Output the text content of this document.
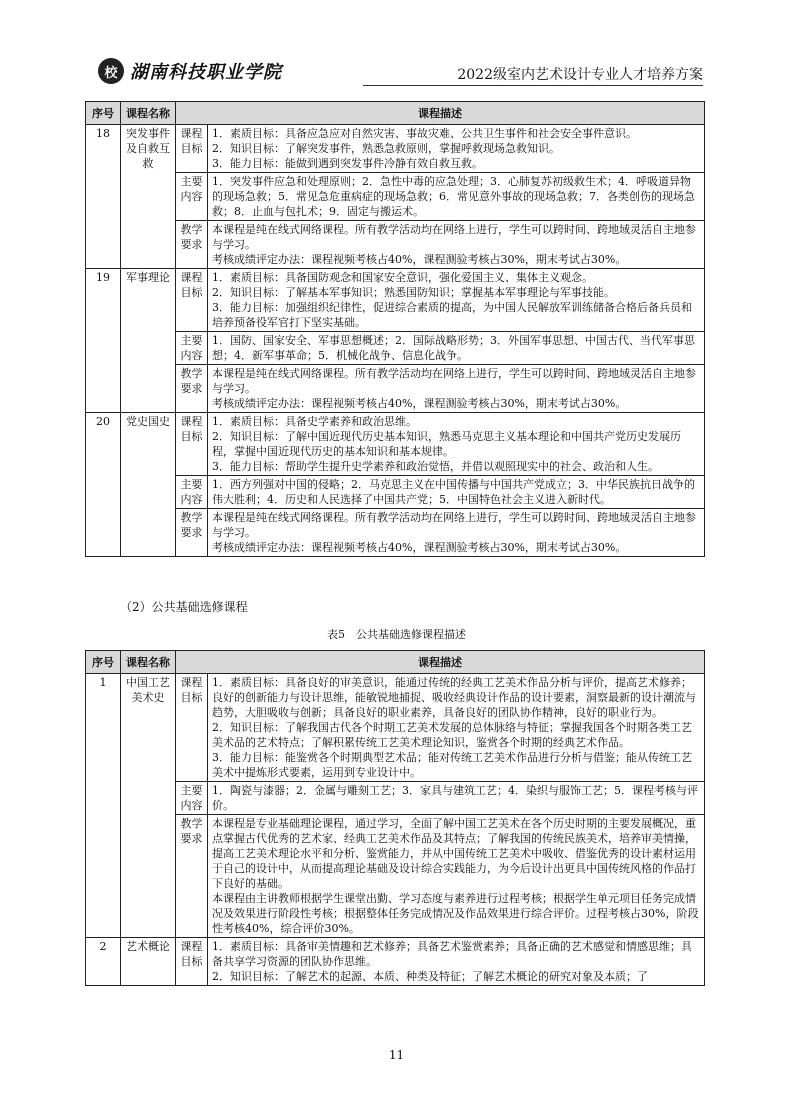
校 湖南科技职业学院	2022级室内艺术设计专业人才培养方案
序号	课程名称	课程描述	
18	突发事件及自救互救	课程目标	1．素质目标：具备应急应对自然灾害、事故灾难、公共卫生事件和社会安全事件意识。

2．知识目标：了解突发事件，熟悉急救原则，掌握呼救现场急救知识。

3．能力目标：能做到遇到突发事件冷静有效自救互救。

		主要内容	1．突发事件应急和处理原则；2．急性中毒的应急处理；3．心肺复苏初级救生术；4．呼吸道异物的现场急救；5．常见急危重病症的现场急救；6．常见意外事故的现场急救；7．各类创伤的现场急救；8．止血与包扎术；9．固定与搬运术。

		教学要求	本课程是纯在线式网络课程。所有教学活动均在网络上进行，学生可以跨时间、跨地域灵活自主地参与学习。

考核成绩评定办法：课程视频考核占40%，课程测验考核占30%，期末考试占30%。

19	军事理论	课程目标	1．素质目标：具备国防观念和国家安全意识，强化爱国主义、集体主义观念。

2．知识目标：了解基本军事知识；熟悉国防知识；掌握基本军事理论与军事技能。

3．能力目标：加强组织纪律性，促进综合素质的提高，为中国人民解放军训练储备合格后备兵员和培养预备役军官打下坚实基础。

		主要内容	1．国防、国家安全、军事思想概述；2．国际战略形势；3．外国军事思想、中国古代、当代军事思想；4．新军事革命；5．机械化战争、信息化战争。

		教学要求	本课程是纯在线式网络课程。所有教学活动均在网络上进行，学生可以跨时间、跨地域灵活自主地参与学习。

考核成绩评定办法：课程视频考核占40%，课程测验考核占30%，期末考试占30%。

20	党史国史	课程目标	1．素质目标：具备史学素养和政治思维。

2．知识目标：了解中国近现代历史基本知识，熟悉马克思主义基本理论和中国共产党历史发展历程，掌握中国近现代历史的基本知识和基本规律。

3．能力目标：帮助学生提升史学素养和政治觉悟，并借以观照现实中的社会、政治和人生。

		主要内容	1．西方列强对中国的侵略；2．马克思主义在中国传播与中国共产党成立；3．中华民族抗日战争的伟大胜利；4．历史和人民选择了中国共产党；5．中国特色社会主义进入新时代。

		教学要求	本课程是纯在线式网络课程。所有教学活动均在网络上进行，学生可以跨时间、跨地域灵活自主地参与学习。

考核成绩评定办法：课程视频考核占40%，课程测验考核占30%，期末考试占30%。

（2）公共基础选修课程
表5　公共基础选修课程描述
序号	课程名称	课程描述	
1	中国工艺美术史	课程目标	1．素质目标：具备良好的审美意识，能通过传统的经典工艺美术作品分析与评价，提高艺术修养；良好的创新能力与设计思维，能敏锐地捕捉、吸收经典设计作品的设计要素，洞察最新的设计潮流与趋势，大胆吸收与创新；具备良好的职业素养，具备良好的团队协作精神，良好的职业行为。

2．知识目标：了解我国古代各个时期工艺美术发展的总体脉络与特征；掌握我国各个时期各类工艺美术品的艺术特点；了解积累传统工艺美术理论知识，鉴赏各个时期的经典艺术作品。

3．能力目标：能鉴赏各个时期典型艺术品；能对传统工艺美术作品进行分析与借鉴；能从传统工艺美术中提炼形式要素，运用到专业设计中。

		主要内容	1．陶瓷与漆器；2．金属与雕刻工艺；3．家具与建筑工艺；4．染织与服饰工艺；5．课程考核与评价。

		教学要求	本课程是专业基础理论课程，通过学习，全面了解中国工艺美术在各个历史时期的主要发展概况，重点掌握古代优秀的艺术家、经典工艺美术作品及其特点；了解我国的传统民族美术，培养审美情操，提高工艺美术理论水平和分析、鉴赏能力，并从中国传统工艺美术中吸收、借鉴优秀的设计素材运用于自己的设计中，从而提高理论基础及设计综合实践能力，为今后设计出更具中国传统风格的作品打下良好的基础。

本课程由主讲教师根据学生课堂出勤、学习态度与素养进行过程考核；根据学生单元项目任务完成情况及效果进行阶段性考核；根据整体任务完成情况及作品效果进行综合评价。过程考核占30%，阶段性考核40%，综合评价30%。

2	艺术概论	课程目标	1．素质目标：具备审美情趣和艺术修养；具备艺术鉴赏素养；具备正确的艺术感觉和情感思维；具备共享学习资源的团队协作思维。

2．知识目标：了解艺术的起源、本质、种类及特征；了解艺术概论的研究对象及本质；了

11
